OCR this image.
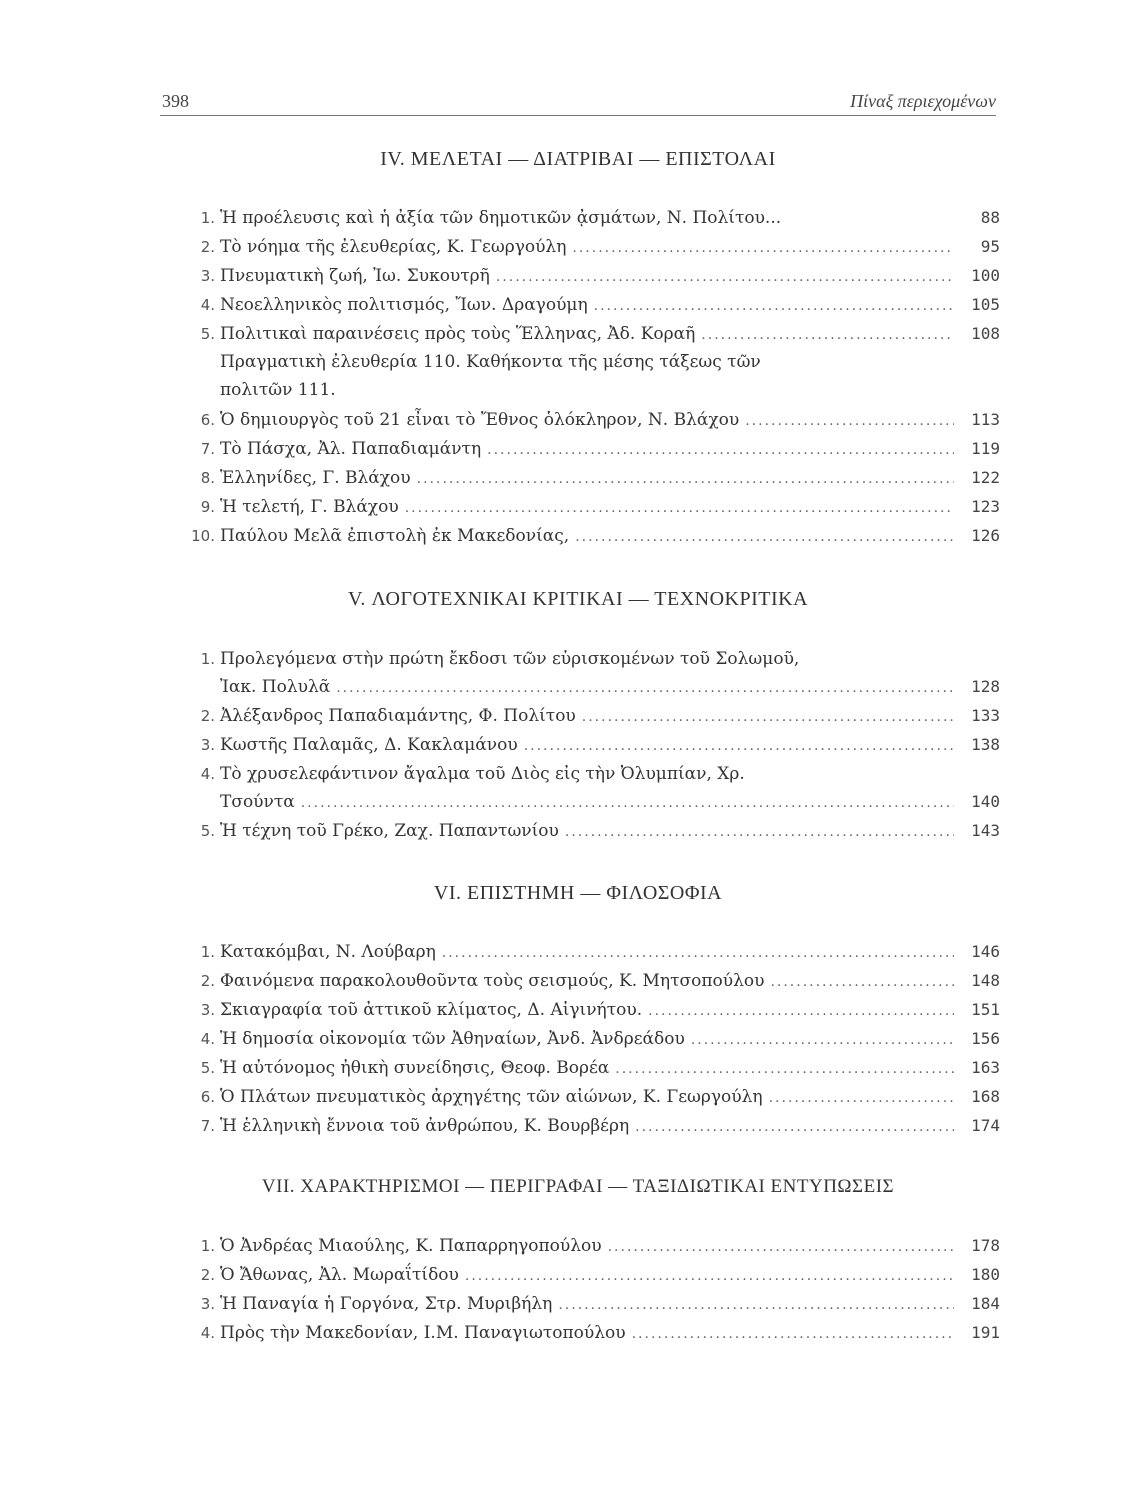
398	Πίναξ περιεχομένων
IV. ΜΕΛΕΤΑΙ — ΔΙΑΤΡΙΒΑΙ — ΕΠΙΣΤΟΛΑΙ
1. Ἡ προέλευσις καὶ ἡ ἀξία τῶν δημοτικῶν ᾀσμάτων, Ν. Πολίτου...	88
2. Τὸ νόημα τῆς ἐλευθερίας, Κ. Γεωργούλη .....	95
3. Πνευματικὴ ζωή, Ἰω. Συκουτρῆ .....	100
4. Νεοελληνικὸς πολιτισμός, Ἴων. Δραγούμη .....	105
5. Πολιτικαὶ παραινέσεις πρὸς τοὺς Ἕλληνας, Ἀδ. Κοραῆ .....	108
Πραγματικὴ ἐλευθερία 110. Καθήκοντα τῆς μέσης τάξεως τῶν
πολιτῶν 111.
6. Ὁ δημιουργὸς τοῦ 21 εἶναι τὸ Ἔθνος ὁλόκληρον, Ν. Βλάχου .....	113
7. Τὸ Πάσχα, Ἀλ. Παπαδιαμάντη .....	119
8. Ἑλληνίδες, Γ. Βλάχου .....	122
9. Ἡ τελετή, Γ. Βλάχου .....	123
10. Παύλου Μελᾶ ἐπιστολὴ ἐκ Μακεδονίας, .....	126
V. ΛΟΓΟΤΕΧΝΙΚΑΙ ΚΡΙΤΙΚΑΙ — ΤΕΧΝΟΚΡΙΤΙΚΑ
1. Προλεγόμενα στὴν πρώτη ἔκδοσι τῶν εὑρισκομένων τοῦ Σολωμοῦ,
Ἰακ. Πολυλᾶ .....	128
2. Ἀλέξανδρος Παπαδιαμάντης, Φ. Πολίτου .....	133
3. Κωστῆς Παλαμᾶς, Δ. Κακλαμάνου .....	138
4. Τὸ χρυσελεφάντινον ἄγαλμα τοῦ Διὸς εἰς τὴν Ὀλυμπίαν, Χρ.
Τσούντα .....	140
5. Ἡ τέχνη τοῦ Γρέκο, Ζαχ. Παπαντωνίου .....	143
VI. ΕΠΙΣΤΗΜΗ — ΦΙΛΟΣΟΦΙΑ
1. Κατακόμβαι, Ν. Λούβαρη .....	146
2. Φαινόμενα παρακολουθοῦντα τοὺς σεισμούς, Κ. Μητσοπούλου .....	148
3. Σκιαγραφία τοῦ ἀττικοῦ κλίματος, Δ. Αἰγινήτου. .....	151
4. Ἡ δημοσία οἰκονομία τῶν Ἀθηναίων, Ἀνδ. Ἀνδρεάδου .....	156
5. Ἡ αὐτόνομος ἠθικὴ συνείδησις, Θεοφ. Βορέα .....	163
6. Ὁ Πλάτων πνευματικὸς ἀρχηγέτης τῶν αἰώνων, Κ. Γεωργούλη .....	168
7. Ἡ ἑλληνικὴ ἔννοια τοῦ ἀνθρώπου, Κ. Βουρβέρη .....	174
VII. ΧΑΡΑΚΤΗΡΙΣΜΟΙ — ΠΕΡΙΓΡΑΦΑΙ — ΤΑΞΙΔΙΩΤΙΚΑΙ ΕΝΤΥΠΩΣΕΙΣ
1. Ὁ Ἀνδρέας Μιαούλης, Κ. Παπαρρηγοπούλου .....	178
2. Ὁ Ἄθωνας, Ἀλ. Μωραΐτίδου .....	180
3. Ἡ Παναγία ἡ Γοργόνα, Στρ. Μυριβήλη .....	184
4. Πρὸς τὴν Μακεδονίαν, Ι.Μ. Παναγιωτοπούλου .....	191
